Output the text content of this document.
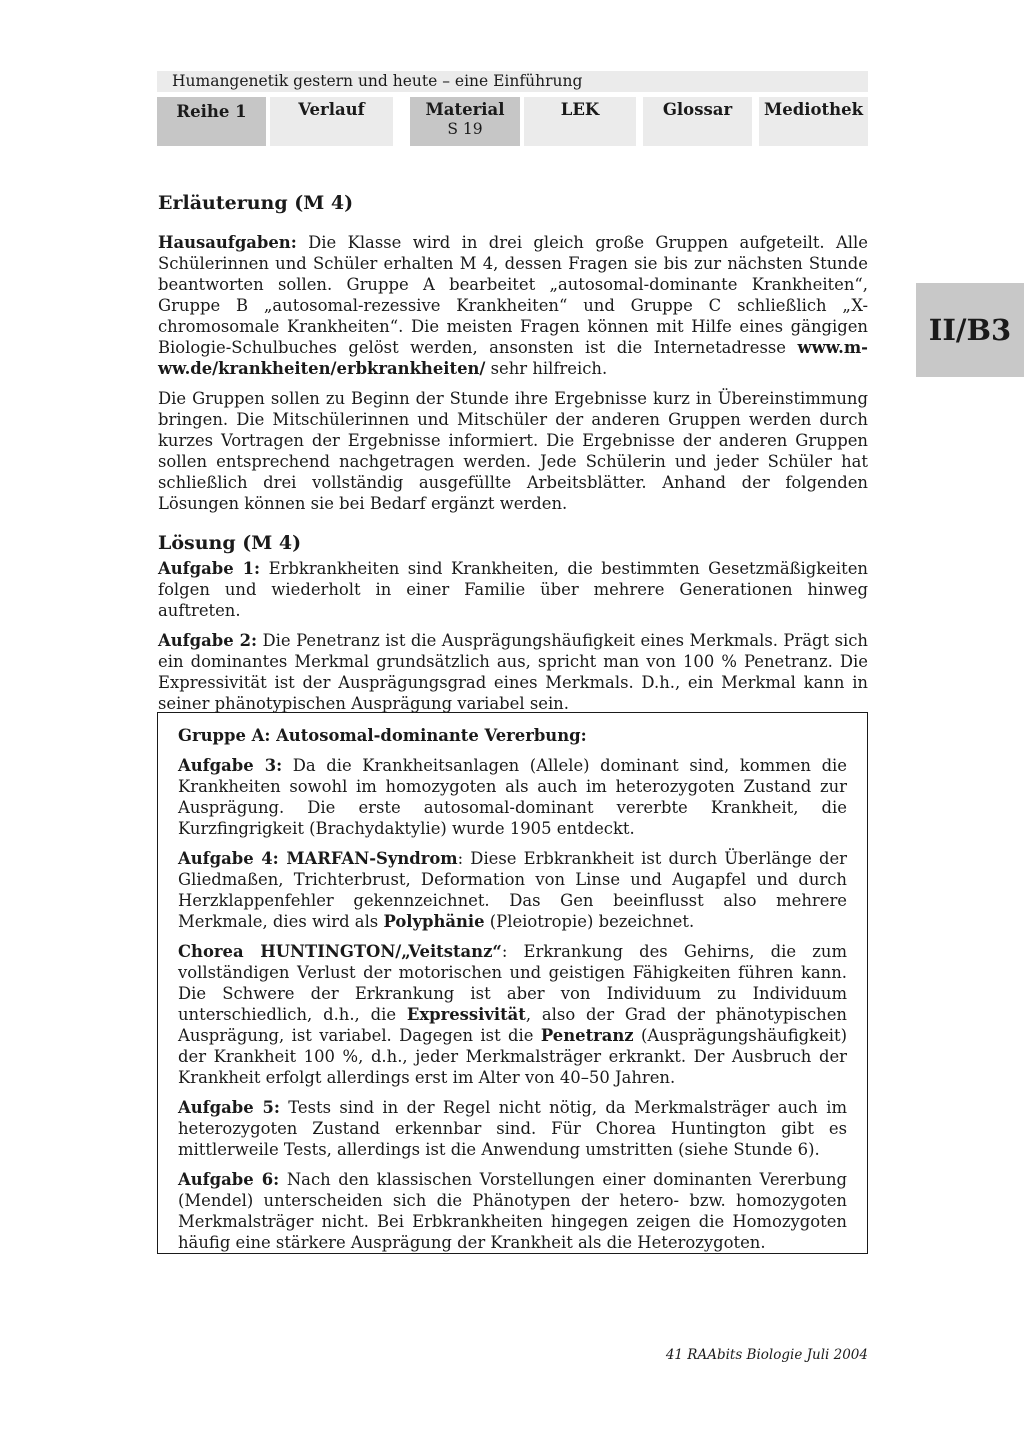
Humangenetik gestern und heute – eine Einführung
Reihe 1	Verlauf	Material
S 19
LEK	Glossar	Mediothek
II/B3
Erläuterung (M 4)

Hausaufgaben: Die Klasse wird in drei gleich große Gruppen aufgeteilt. Alle Schülerinnen und Schüler erhalten M 4, dessen Fragen sie bis zur nächsten Stunde beantworten sollen. Gruppe A bearbeitet „autosomal-dominante Krankheiten“, Gruppe B „autosomal-rezessive Krankheiten“ und Gruppe C schließlich „X-chromosomale Krankheiten“. Die meisten Fragen können mit Hilfe eines gängigen Biologie-Schulbuches gelöst werden, ansonsten ist die Internetadresse www.m-ww.de/krankheiten/erbkrankheiten/ sehr hilfreich.

Die Gruppen sollen zu Beginn der Stunde ihre Ergebnisse kurz in Übereinstimmung bringen. Die Mitschülerinnen und Mitschüler der anderen Gruppen werden durch kurzes Vortragen der Ergebnisse informiert. Die Ergebnisse der anderen Gruppen sollen entsprechend nachgetragen werden. Jede Schülerin und jeder Schüler hat schließlich drei vollständig ausgefüllte Arbeitsblätter. Anhand der folgenden Lösungen können sie bei Bedarf ergänzt werden.

Lösung (M 4)

Aufgabe 1: Erbkrankheiten sind Krankheiten, die bestimmten Gesetzmäßigkeiten folgen und wiederholt in einer Familie über mehrere Generationen hinweg auftreten.

Aufgabe 2: Die Penetranz ist die Ausprägungshäufigkeit eines Merkmals. Prägt sich ein dominantes Merkmal grundsätzlich aus, spricht man von 100 % Penetranz. Die Expressivität ist der Ausprägungsgrad eines Merkmals. D.h., ein Merkmal kann in seiner phänotypischen Ausprägung variabel sein.

Gruppe A: Autosomal-dominante Vererbung:

Aufgabe 3: Da die Krankheitsanlagen (Allele) dominant sind, kommen die Krankheiten sowohl im homozygoten als auch im heterozygoten Zustand zur Ausprägung. Die erste autosomal-dominant vererbte Krankheit, die Kurzfingrigkeit (Brachydaktylie) wurde 1905 entdeckt.

Aufgabe 4: MARFAN-Syndrom: Diese Erbkrankheit ist durch Überlänge der Gliedmaßen, Trichterbrust, Deformation von Linse und Augapfel und durch Herzklappenfehler gekennzeichnet. Das Gen beeinflusst also mehrere Merkmale, dies wird als Polyphänie (Pleiotropie) bezeichnet.

Chorea HUNTINGTON/„Veitstanz“: Erkrankung des Gehirns, die zum vollständigen Verlust der motorischen und geistigen Fähigkeiten führen kann. Die Schwere der Erkrankung ist aber von Individuum zu Individuum unterschiedlich, d.h., die Expressivität, also der Grad der phänotypischen Ausprägung, ist variabel. Dagegen ist die Penetranz (Ausprägungshäufigkeit) der Krankheit 100 %, d.h., jeder Merkmalsträger erkrankt. Der Ausbruch der Krankheit erfolgt allerdings erst im Alter von 40–50 Jahren.

Aufgabe 5: Tests sind in der Regel nicht nötig, da Merkmalsträger auch im heterozygoten Zustand erkennbar sind. Für Chorea Huntington gibt es mittlerweile Tests, allerdings ist die Anwendung umstritten (siehe Stunde 6).

Aufgabe 6: Nach den klassischen Vorstellungen einer dominanten Vererbung (Mendel) unterscheiden sich die Phänotypen der hetero- bzw. homozygoten Merkmalsträger nicht. Bei Erbkrankheiten hingegen zeigen die Homozygoten häufig eine stärkere Ausprägung der Krankheit als die Heterozygoten.

41 RAAbits Biologie Juli 2004
